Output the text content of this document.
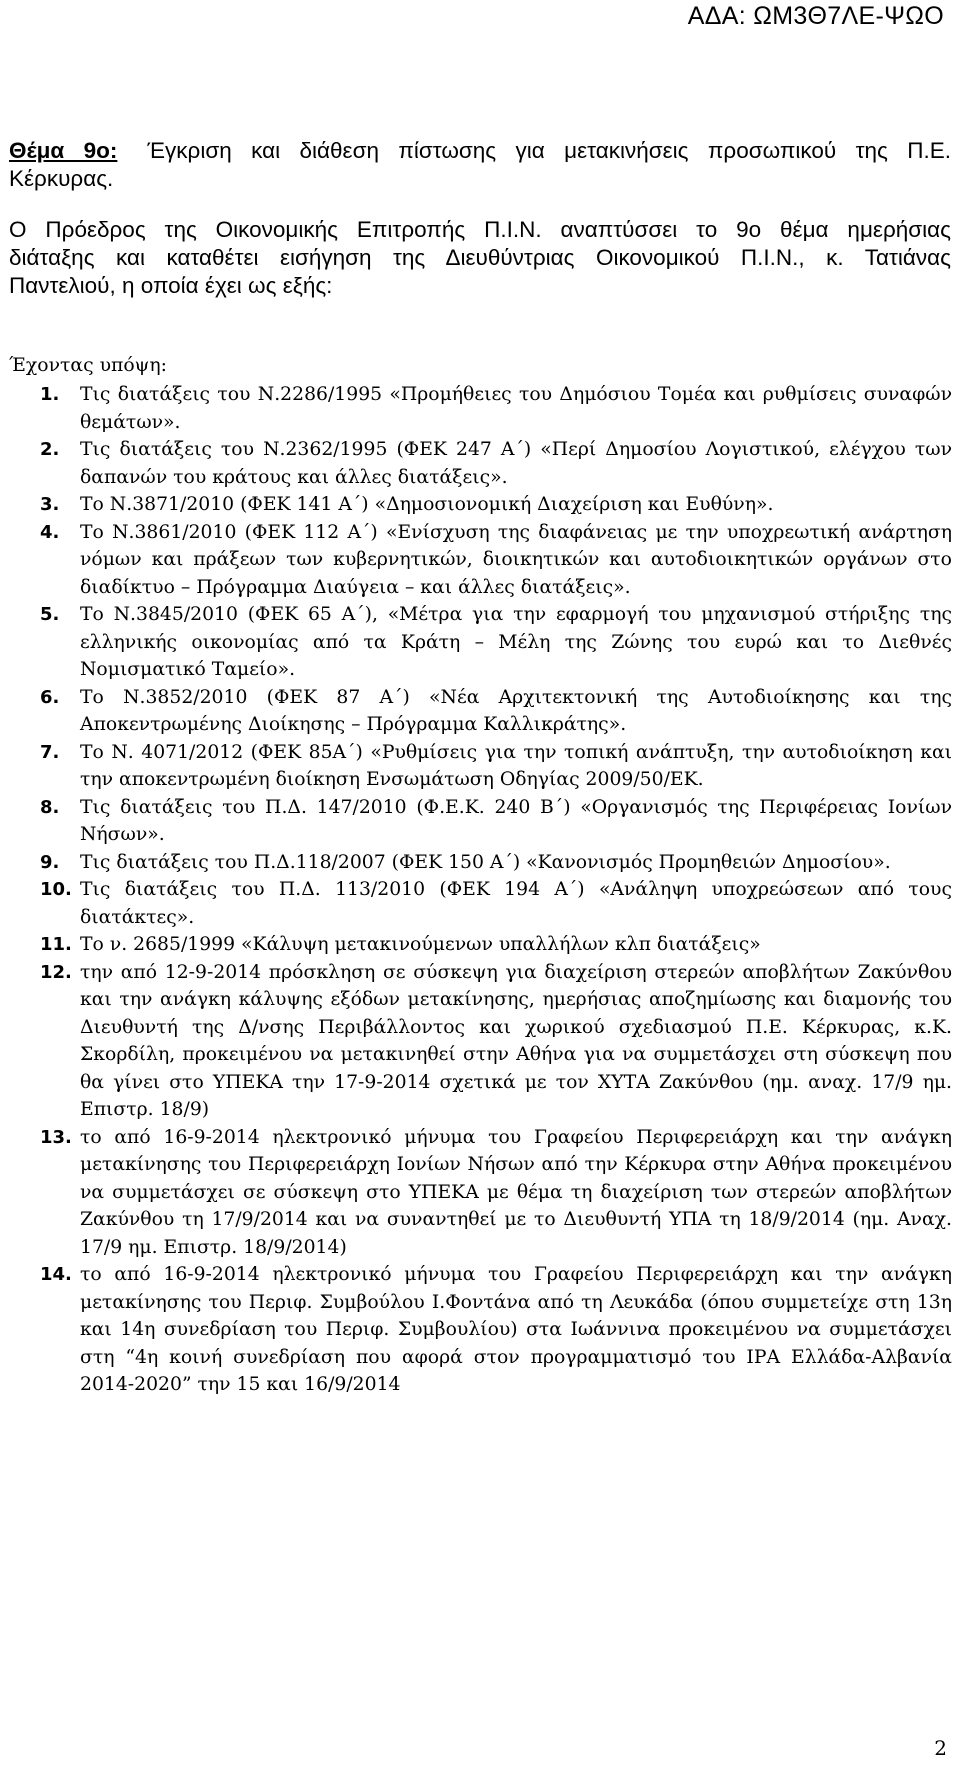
ΑΔΑ: ΩΜ3Θ7ΛΕ-ΨΩΟ
Θέμα 9ο: Έγκριση και διάθεση πίστωσης για μετακινήσεις προσωπικού της Π.Ε.
Κέρκυρας.
Ο Πρόεδρος της Οικονομικής Επιτροπής Π.Ι.Ν. αναπτύσσει το 9ο θέμα ημερήσιας
διάταξης και καταθέτει εισήγηση της Διευθύντριας Οικονομικού Π.Ι.Ν., κ. Τατιάνας
Παντελιού, η οποία έχει ως εξής:
Έχοντας υπόψη:
1. Τις διατάξεις του Ν.2286/1995 «Προμήθειες του Δημόσιου Τομέα και ρυθμίσεις συναφών θεμάτων».
2. Τις διατάξεις του Ν.2362/1995 (ΦΕΚ 247 Α΄) «Περί Δημοσίου Λογιστικού, ελέγχου των δαπανών του κράτους και άλλες διατάξεις».
3. Το Ν.3871/2010 (ΦΕΚ 141 Α΄) «Δημοσιονομική Διαχείριση και Ευθύνη».
4. Το Ν.3861/2010 (ΦΕΚ 112 Α΄) «Ενίσχυση της διαφάνειας με την υποχρεωτική ανάρτηση νόμων και πράξεων των κυβερνητικών, διοικητικών και αυτοδιοικητικών οργάνων στο διαδίκτυο – Πρόγραμμα Διαύγεια – και άλλες διατάξεις».
5. Το Ν.3845/2010 (ΦΕΚ 65 Α΄), «Μέτρα για την εφαρμογή του μηχανισμού στήριξης της ελληνικής οικονομίας από τα Κράτη – Μέλη της Ζώνης του ευρώ και το Διεθνές Νομισματικό Ταμείο».
6. Το Ν.3852/2010 (ΦΕΚ 87 Α΄) «Νέα Αρχιτεκτονική της Αυτοδιοίκησης και της Αποκεντρωμένης Διοίκησης – Πρόγραμμα Καλλικράτης».
7. Το Ν. 4071/2012 (ΦΕΚ 85Α΄) «Ρυθμίσεις για την τοπική ανάπτυξη, την αυτοδιοίκηση και την αποκεντρωμένη διοίκηση Ενσωμάτωση Οδηγίας 2009/50/ΕΚ.
8. Τις διατάξεις του Π.Δ. 147/2010 (Φ.Ε.Κ. 240 Β΄) «Οργανισμός της Περιφέρειας Ιονίων Νήσων».
9. Τις διατάξεις του Π.Δ.118/2007 (ΦΕΚ 150 Α΄) «Κανονισμός Προμηθειών Δημοσίου».
10. Τις διατάξεις του Π.Δ. 113/2010 (ΦΕΚ 194 Α΄) «Ανάληψη υποχρεώσεων από τους διατάκτες».
11. Το ν. 2685/1999 «Κάλυψη μετακινούμενων υπαλλήλων κλπ διατάξεις»
12. την από 12-9-2014 πρόσκληση σε σύσκεψη για διαχείριση στερεών αποβλήτων Ζακύνθου και την ανάγκη κάλυψης εξόδων μετακίνησης, ημερήσιας αποζημίωσης και διαμονής του Διευθυντή της Δ/νσης Περιβάλλοντος και χωρικού σχεδιασμού Π.Ε. Κέρκυρας, κ.Κ. Σκορδίλη, προκειμένου να μετακινηθεί στην Αθήνα για να συμμετάσχει στη σύσκεψη που θα γίνει στο ΥΠΕΚΑ την 17-9-2014 σχετικά με τον ΧΥΤΑ Ζακύνθου (ημ. αναχ. 17/9 ημ. Επιστρ. 18/9)
13. το από 16-9-2014 ηλεκτρονικό μήνυμα του Γραφείου Περιφερειάρχη και την ανάγκη μετακίνησης του Περιφερειάρχη Ιονίων Νήσων από την Κέρκυρα στην Αθήνα προκειμένου να συμμετάσχει σε σύσκεψη στο ΥΠΕΚΑ με θέμα τη διαχείριση των στερεών αποβλήτων Ζακύνθου τη 17/9/2014 και να συναντηθεί με το Διευθυντή ΥΠΑ τη 18/9/2014 (ημ. Αναχ. 17/9 ημ. Επιστρ. 18/9/2014)
14. το από 16-9-2014 ηλεκτρονικό μήνυμα του Γραφείου Περιφερειάρχη και την ανάγκη μετακίνησης του Περιφ. Συμβούλου Ι.Φοντάνα από τη Λευκάδα (όπου συμμετείχε στη 13η και 14η συνεδρίαση του Περιφ. Συμβουλίου) στα Ιωάννινα προκειμένου να συμμετάσχει στη “4η κοινή συνεδρίαση που αφορά στον προγραμματισμό του ΙΡΑ Ελλάδα-Αλβανία 2014-2020” την 15 και 16/9/2014
2
